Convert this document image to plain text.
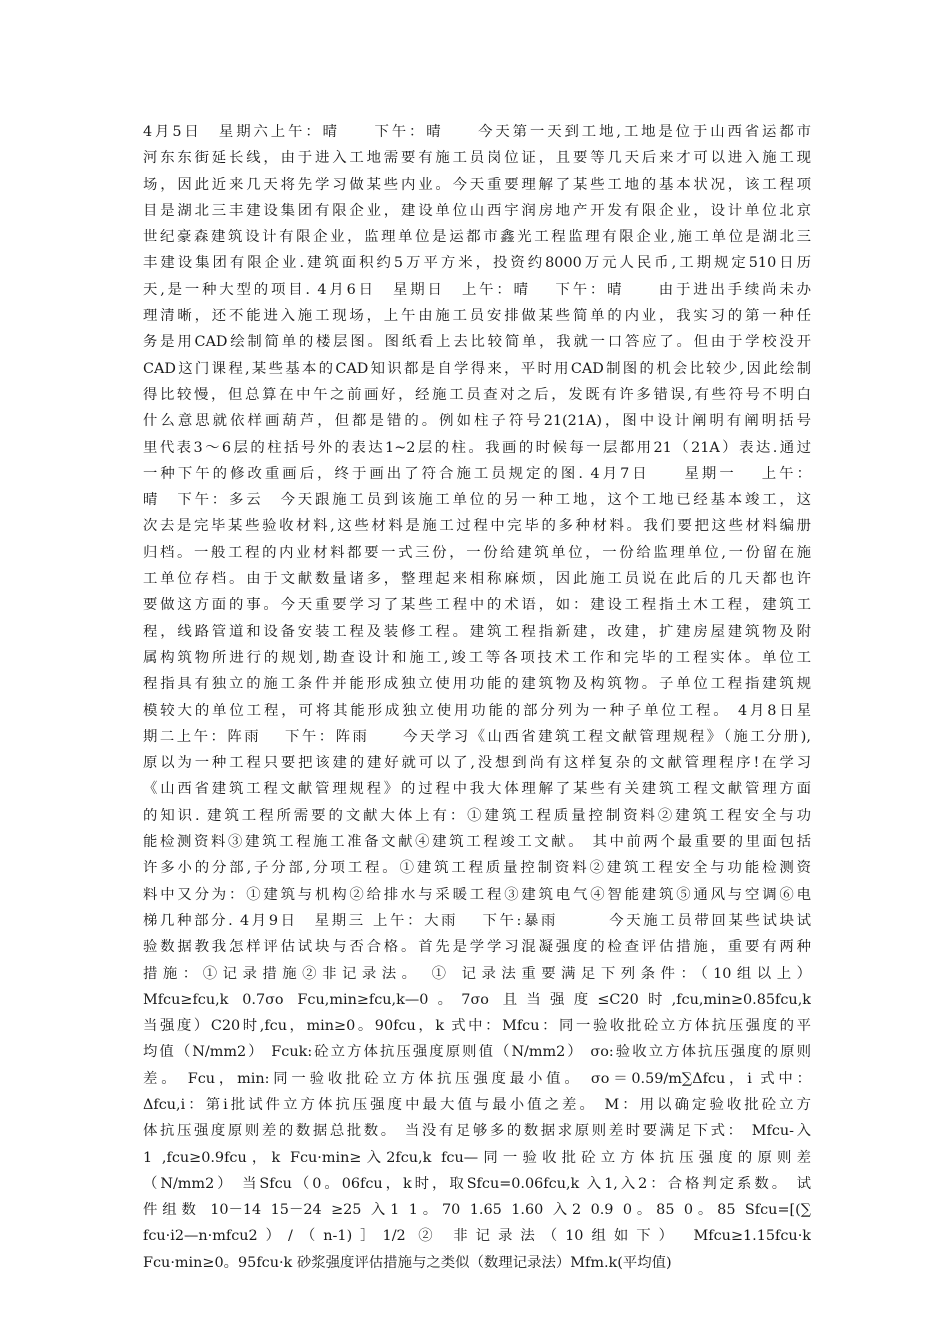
4月5日　星期六上午：晴　　下午：晴　　今天第一天到工地,工地是位于山西省运都市
河东东街延长线，由于进入工地需要有施工员岗位证，且要等几天后来才可以进入施工现
场，因此近来几天将先学习做某些内业。今天重要理解了某些工地的基本状况，该工程项
目是湖北三丰建设集团有限企业，建设单位山西宇润房地产开发有限企业，设计单位北京
世纪豪森建筑设计有限企业，监理单位是运都市鑫光工程监理有限企业,施工单位是湖北三
丰建设集团有限企业.建筑面积约5万平方米，投资约8000万元人民币,工期规定510日历
天,是一种大型的项目. 4月6日　星期日　上午：晴　 下午：晴　　由于进出手续尚未办
理清晰，还不能进入施工现场，上午由施工员安排做某些简单的内业，我实习的第一种任
务是用CAD绘制简单的楼层图。图纸看上去比较简单，我就一口答应了。但由于学校没开
CAD这门课程,某些基本的CAD知识都是自学得来，平时用CAD制图的机会比较少,因此绘制
得比较慢，但总算在中午之前画好，经施工员查对之后，发既有许多错误,有些符号不明白
什么意思就依样画葫芦，但都是错的。例如柱子符号21(21A)，图中设计阐明有阐明括号
里代表3～6层的柱括号外的表达1~2层的柱。我画的时候每一层都用21（21A）表达.通过
一种下午的修改重画后，终于画出了符合施工员规定的图. 4月7日　　星期一　 上午：
晴　下午：多云　今天跟施工员到该施工单位的另一种工地，这个工地已经基本竣工，这
次去是完毕某些验收材料,这些材料是施工过程中完毕的多种材料。我们要把这些材料编册
归档。一般工程的内业材料都要一式三份，一份给建筑单位，一份给监理单位,一份留在施
工单位存档。由于文献数量诸多，整理起来相称麻烦，因此施工员说在此后的几天都也许
要做这方面的事。今天重要学习了某些工程中的术语，如：建设工程指土木工程，建筑工
程，线路管道和设备安装工程及装修工程。建筑工程指新建，改建，扩建房屋建筑物及附
属构筑物所进行的规划,勘查设计和施工,竣工等各项技术工作和完毕的工程实体。单位工
程指具有独立的施工条件并能形成独立使用功能的建筑物及构筑物。子单位工程指建筑规
模较大的单位工程，可将其能形成独立使用功能的部分列为一种子单位工程。 4月8日星
期二上午：阵雨　 下午：阵雨　　今天学习《山西省建筑工程文献管理规程》（施工分册),
原以为一种工程只要把该建的建好就可以了,没想到尚有这样复杂的文献管理程序!在学习
《山西省建筑工程文献管理规程》的过程中我大体理解了某些有关建筑工程文献管理方面
的知识. 建筑工程所需要的文献大体上有：①建筑工程质量控制资料②建筑工程安全与功
能检测资料③建筑工程施工准备文献④建筑工程竣工文献。 其中前两个最重要的里面包括
许多小的分部,子分部,分项工程。①建筑工程质量控制资料②建筑工程安全与功能检测资
料中又分为：①建筑与机构②给排水与采暖工程③建筑电气④智能建筑⑤通风与空调⑥电
梯几种部分. 4月9日　星期三 上午：大雨　 下午:暴雨　　　今天施工员带回某些试块试
验数据教我怎样评估试块与否合格。首先是学学习混凝强度的检查评估措施，重要有两种
措施：①记录措施②非记录法。 ① 记录法重要满足下列条件：（10组以上）
Mfcu≥fcu,k 0.7σo Fcu,min≥fcu,k—0。7σo 且当强度≤C20时,fcu,min≥0.85fcu,k
当强度）C20时,fcu，min≥0。90fcu，k 式中：Mfcu：同一验收批砼立方体抗压强度的平
均值（N/mm2） Fcuk:砼立方体抗压强度原则值（N/mm2） σo:验收立方体抗压强度的原则
差。 Fcu，min:同一验收批砼立方体抗压强度最小值。 σo＝0.59/m∑Δfcu，i 式中：
Δfcu,i：第i批试件立方体抗压强度中最大值与最小值之差。 M：用以确定验收批砼立方
体抗压强度原则差的数据总批数。 当没有足够多的数据求原则差时要满足下式： Mfcu-入
1 ,fcu≥0.9fcu，k Fcu·min≥入2fcu,k fcu—同一验收批砼立方体抗压强度的原则差
（N/mm2） 当Sfcu（0。06fcu，k时，取Sfcu=0.06fcu,k 入1,入2：合格判定系数。 试
件组数 10－14 15－24 ≥25 入1 1。70 1.65 1.60 入2 0.9 0。85 0。85 Sfcu=[(∑
fcu·i2—n·mfcu2）/（n-1)］1/2 ② 非记录法（10组如下） Mfcu≥1.15fcu·k
Fcu·min≥0。95fcu·k 砂浆强度评估措施与之类似（数理记录法）Mfm.k(平均值)
